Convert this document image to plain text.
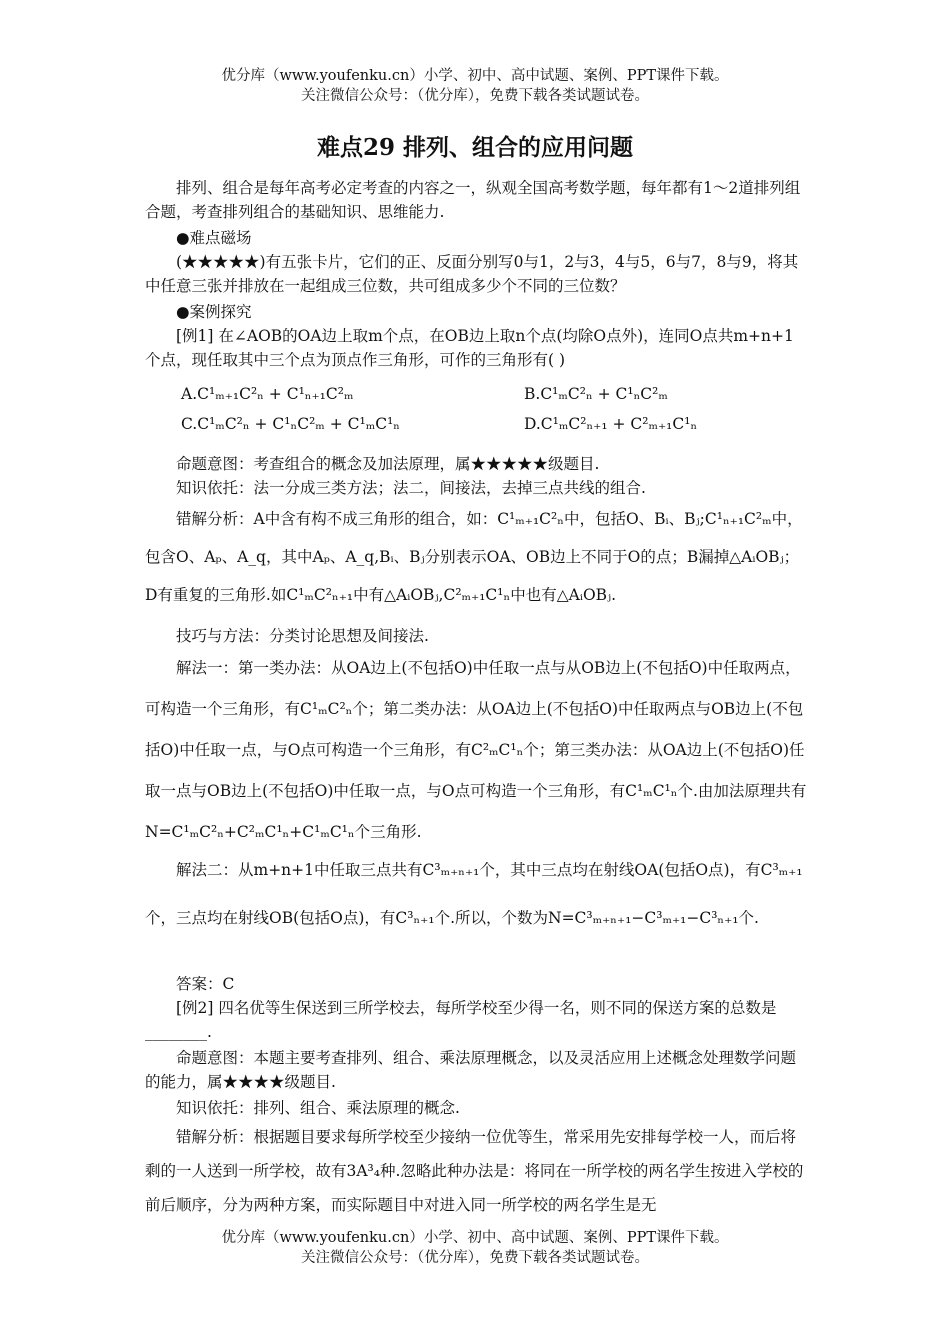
优分库（www.youfenku.cn）小学、初中、高中试题、案例、PPT课件下载。
关注微信公众号：（优分库），免费下载各类试题试卷。
难点29 排列、组合的应用问题
排列、组合是每年高考必定考查的内容之一，纵观全国高考数学题，每年都有1～2道排列组合题，考查排列组合的基础知识、思维能力.
●难点磁场
(★★★★★)有五张卡片，它们的正、反面分别写0与1，2与3，4与5，6与7，8与9，将其中任意三张并排放在一起组成三位数，共可组成多少个不同的三位数？
●案例探究
[例1] 在∠AOB的OA边上取m个点，在OB边上取n个点(均除O点外)，连同O点共m+n+1个点，现任取其中三个点为顶点作三角形，可作的三角形有( )
A.C¹ₘ₊₁C²ₙ + C¹ₙ₊₁C²ₘ	B.C¹ₘC²ₙ + C¹ₙC²ₘ
C.C¹ₘC²ₙ + C¹ₙC²ₘ + C¹ₘC¹ₙ	D.C¹ₘC²ₙ₊₁ + C²ₘ₊₁C¹ₙ
命题意图：考查组合的概念及加法原理，属★★★★★级题目.
知识依托：法一分成三类方法；法二，间接法，去掉三点共线的组合.
错解分析：A中含有构不成三角形的组合，如：C¹ₘ₊₁C²ₙ中，包括O、Bᵢ、Bⱼ;C¹ₙ₊₁C²ₘ中，包含O、Aₚ、A_q，其中Aₚ、A_q,Bᵢ、Bⱼ分别表示OA、OB边上不同于O的点；B漏掉△AᵢOBⱼ；D有重复的三角形.如C¹ₘC²ₙ₊₁中有△AᵢOBⱼ,C²ₘ₊₁C¹ₙ中也有△AᵢOBⱼ.
技巧与方法：分类讨论思想及间接法.
解法一：第一类办法：从OA边上(不包括O)中任取一点与从OB边上(不包括O)中任取两点，可构造一个三角形，有C¹ₘC²ₙ个；第二类办法：从OA边上(不包括O)中任取两点与OB边上(不包括O)中任取一点，与O点可构造一个三角形，有C²ₘC¹ₙ个；第三类办法：从OA边上(不包括O)任取一点与OB边上(不包括O)中任取一点，与O点可构造一个三角形，有C¹ₘC¹ₙ个.由加法原理共有N=C¹ₘC²ₙ+C²ₘC¹ₙ+C¹ₘC¹ₙ个三角形.
解法二：从m+n+1中任取三点共有C³ₘ₊ₙ₊₁个，其中三点均在射线OA(包括O点)，有C³ₘ₊₁个，三点均在射线OB(包括O点)，有C³ₙ₊₁个.所以，个数为N=C³ₘ₊ₙ₊₁−C³ₘ₊₁−C³ₙ₊₁个.
答案：C
[例2] 四名优等生保送到三所学校去，每所学校至少得一名，则不同的保送方案的总数是________.
命题意图：本题主要考查排列、组合、乘法原理概念，以及灵活应用上述概念处理数学问题的能力，属★★★★级题目.
知识依托：排列、组合、乘法原理的概念.
错解分析：根据题目要求每所学校至少接纳一位优等生，常采用先安排每学校一人，而后将剩的一人送到一所学校，故有3A³₄种.忽略此种办法是：将同在一所学校的两名学生按进入学校的前后顺序，分为两种方案，而实际题目中对进入同一所学校的两名学生是无
优分库（www.youfenku.cn）小学、初中、高中试题、案例、PPT课件下载。
关注微信公众号：（优分库），免费下载各类试题试卷。
